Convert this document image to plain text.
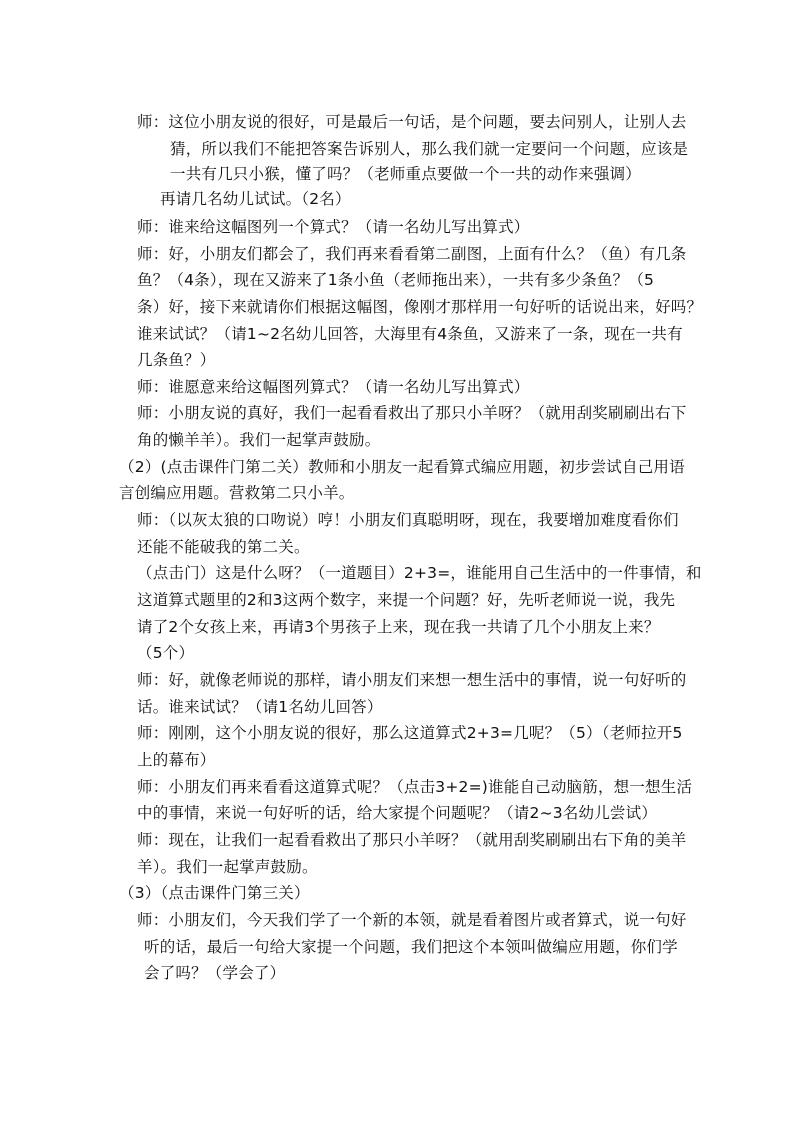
师：这位小朋友说的很好，可是最后一句话，是个问题，要去问别人，让别人去
猜，所以我们不能把答案告诉别人，那么我们就一定要问一个问题，应该是
一共有几只小猴，懂了吗？（老师重点要做一个一共的动作来强调）
再请几名幼儿试试。（2名）
师：谁来给这幅图列一个算式？（请一名幼儿写出算式）
师：好，小朋友们都会了，我们再来看看第二副图，上面有什么？（鱼）有几条
鱼？（4条），现在又游来了1条小鱼（老师拖出来），一共有多少条鱼？（5
条）好，接下来就请你们根据这幅图，像刚才那样用一句好听的话说出来，好吗？
谁来试试？（请1~2名幼儿回答，大海里有4条鱼，又游来了一条，现在一共有
几条鱼？）
师：谁愿意来给这幅图列算式？（请一名幼儿写出算式）
师：小朋友说的真好，我们一起看看救出了那只小羊呀？（就用刮奖刷刷出右下
角的懒羊羊）。我们一起掌声鼓励。
（2）(点击课件门第二关）教师和小朋友一起看算式编应用题，初步尝试自己用语
言创编应用题。营救第二只小羊。
师：（以灰太狼的口吻说）哼！小朋友们真聪明呀，现在，我要增加难度看你们
还能不能破我的第二关。
（点击门）这是什么呀？（一道题目）2+3=，谁能用自己生活中的一件事情，和
这道算式题里的2和3这两个数字，来提一个问题？好，先听老师说一说，我先
请了2个女孩上来，再请3个男孩子上来，现在我一共请了几个小朋友上来？
（5个）
师：好，就像老师说的那样，请小朋友们来想一想生活中的事情，说一句好听的
话。谁来试试？（请1名幼儿回答）
师：刚刚，这个小朋友说的很好，那么这道算式2+3=几呢？（5）（老师拉开5
上的幕布）
师：小朋友们再来看看这道算式呢？（点击3+2=)谁能自己动脑筋，想一想生活
中的事情，来说一句好听的话，给大家提个问题呢？（请2~3名幼儿尝试）
师：现在，让我们一起看看救出了那只小羊呀？（就用刮奖刷刷出右下角的美羊
羊）。我们一起掌声鼓励。
（3）（点击课件门第三关）
师：小朋友们，今天我们学了一个新的本领，就是看着图片或者算式，说一句好
听的话，最后一句给大家提一个问题，我们把这个本领叫做编应用题，你们学
会了吗？（学会了）
